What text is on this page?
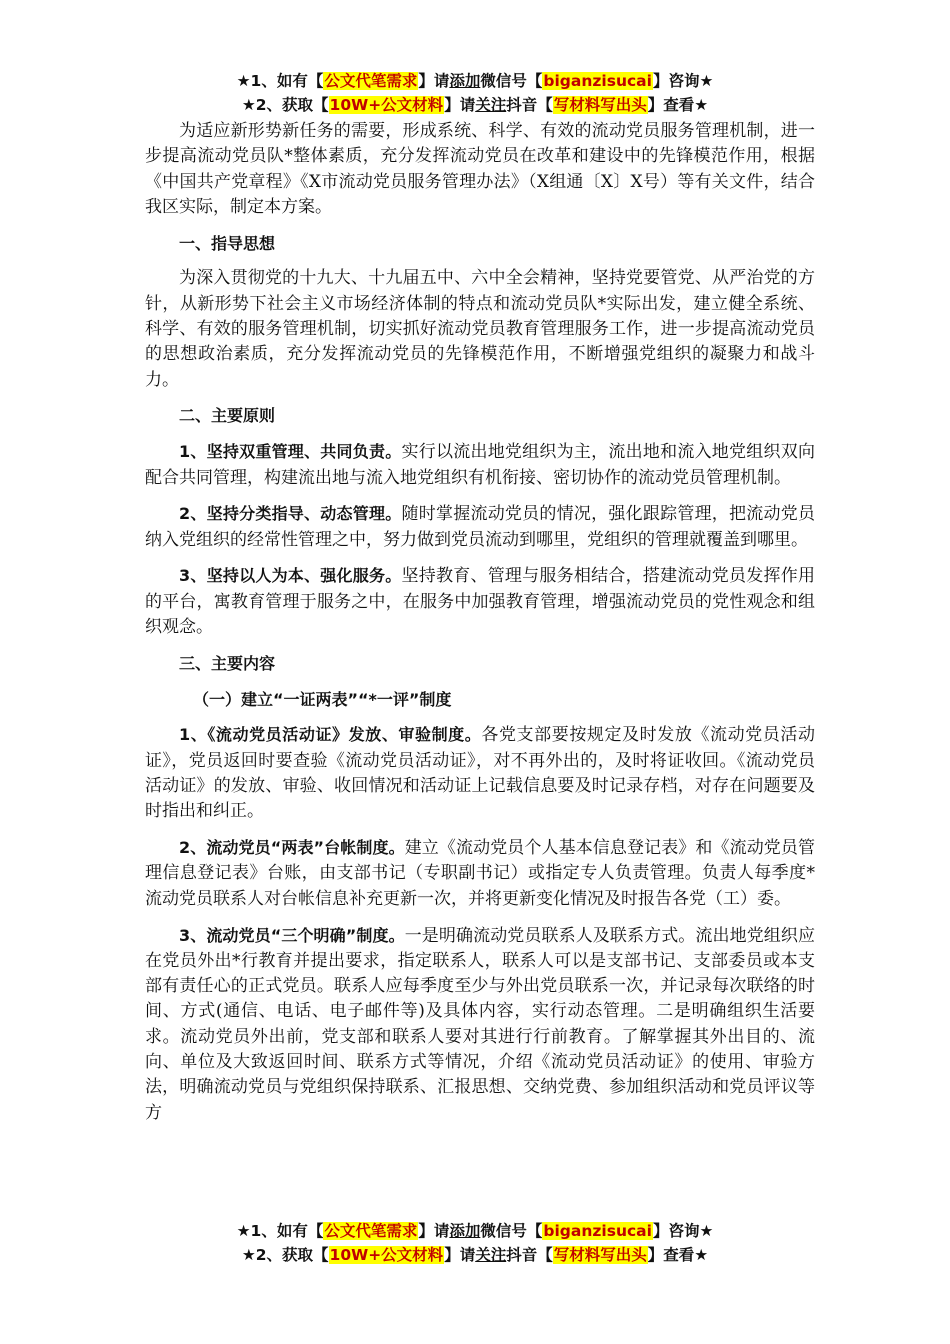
★1、如有【公文代笔需求】请添加微信号【biganzisucai】咨询★
★2、获取【10W+公文材料】请关注抖音【写材料写出头】查看★

为适应新形势新任务的需要，形成系统、科学、有效的流动党员服务管理机制，进一步提高流动党员队*整体素质，充分发挥流动党员在改革和建设中的先锋模范作用，根据《中国共产党章程》《X市流动党员服务管理办法》（X组通〔X〕X号）等有关文件，结合我区实际，制定本方案。

一、指导思想

为深入贯彻党的十九大、十九届五中、六中全会精神，坚持党要管党、从严治党的方针，从新形势下社会主义市场经济体制的特点和流动党员队*实际出发，建立健全系统、科学、有效的服务管理机制，切实抓好流动党员教育管理服务工作，进一步提高流动党员的思想政治素质，充分发挥流动党员的先锋模范作用，不断增强党组织的凝聚力和战斗力。

二、主要原则

1、坚持双重管理、共同负责。实行以流出地党组织为主，流出地和流入地党组织双向配合共同管理，构建流出地与流入地党组织有机衔接、密切协作的流动党员管理机制。

2、坚持分类指导、动态管理。随时掌握流动党员的情况，强化跟踪管理，把流动党员纳入党组织的经常性管理之中，努力做到党员流动到哪里，党组织的管理就覆盖到哪里。

3、坚持以人为本、强化服务。坚持教育、管理与服务相结合，搭建流动党员发挥作用的平台，寓教育管理于服务之中，在服务中加强教育管理，增强流动党员的党性观念和组织观念。

三、主要内容

（一）建立“一证两表”“*一评”制度

1、《流动党员活动证》发放、审验制度。各党支部要按规定及时发放《流动党员活动证》，党员返回时要查验《流动党员活动证》，对不再外出的，及时将证收回。《流动党员活动证》的发放、审验、收回情况和活动证上记载信息要及时记录存档，对存在问题要及时指出和纠正。

2、流动党员“两表”台帐制度。建立《流动党员个人基本信息登记表》和《流动党员管理信息登记表》台账，由支部书记（专职副书记）或指定专人负责管理。负责人每季度*流动党员联系人对台帐信息补充更新一次，并将更新变化情况及时报告各党（工）委。

3、流动党员“三个明确”制度。一是明确流动党员联系人及联系方式。流出地党组织应在党员外出*行教育并提出要求，指定联系人，联系人可以是支部书记、支部委员或本支部有责任心的正式党员。联系人应每季度至少与外出党员联系一次，并记录每次联络的时间、方式(通信、电话、电子邮件等)及具体内容，实行动态管理。二是明确组织生活要求。流动党员外出前，党支部和联系人要对其进行行前教育。了解掌握其外出目的、流向、单位及大致返回时间、联系方式等情况，介绍《流动党员活动证》的使用、审验方法，明确流动党员与党组织保持联系、汇报思想、交纳党费、参加组织活动和党员评议等方

★1、如有【公文代笔需求】请添加微信号【biganzisucai】咨询★
★2、获取【10W+公文材料】请关注抖音【写材料写出头】查看★
